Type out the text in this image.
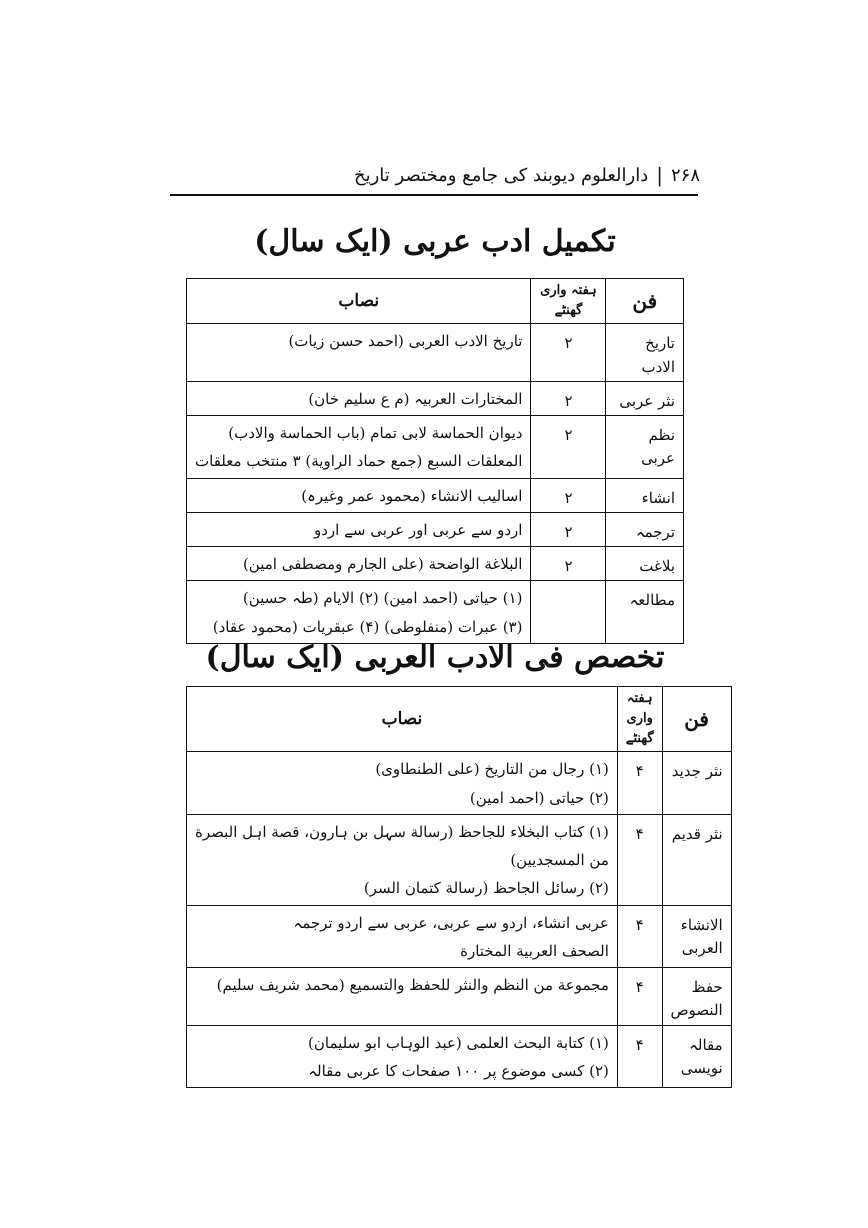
۲۶۸
|
دارالعلوم دیوبند کی جامع ومختصر تاریخ
تکمیل ادب عربی (ایک سال)
فن	ہفتہ واری گھنٹے	نصاب
تاریخ الادب	۲	تاریخ الادب العربی (احمد حسن زیات)

نثر عربی	۲	المختارات العربیہ (م ع سلیم خان)

نظم عربی	۲	دیوان الحماسة لابی تمام (باب الحماسة والادب)
المعلقات السبع (جمع حماد الراویة) ۳ منتخب معلقات

انشاء	۲	اسالیب الانشاء (محمود عمر وغیرہ)

ترجمہ	۲	اردو سے عربی اور عربی سے اردو

بلاغت	۲	البلاغة الواضحة (علی الجارم ومصطفی امین)

مطالعہ		(۱) حیاتی (احمد امین) (۲) الایام (طہ حسین)
(۳) عبرات (منفلوطی) (۴) عبقریات (محمود عقاد)
تخصص فی الادب العربی (ایک سال)
فن	ہفتہ واری گھنٹے	نصاب
نثر جدید	۴	(۱) رجال من التاریخ (علی الطنطاوی)
(۲) حیاتی (احمد امین)

نثر قدیم	۴	(۱) کتاب البخلاء للجاحظ (رسالة سہل بن ہارون، قصة اہل البصرة
من المسجدیین)
(۲) رسائل الجاحظ (رسالة کتمان السر)

الانشاء العربی	۴	عربی انشاء، اردو سے عربی، عربی سے اردو ترجمہ
الصحف العربیة المختارة

حفظ النصوص	۴	مجموعة من النظم والنثر للحفظ والتسمیع (محمد شریف سلیم)

مقالہ نویسی	۴	(۱) کتابة البحث العلمی (عبد الوہاب ابو سلیمان)
(۲) کسی موضوع پر ۱۰۰ صفحات کا عربی مقالہ
